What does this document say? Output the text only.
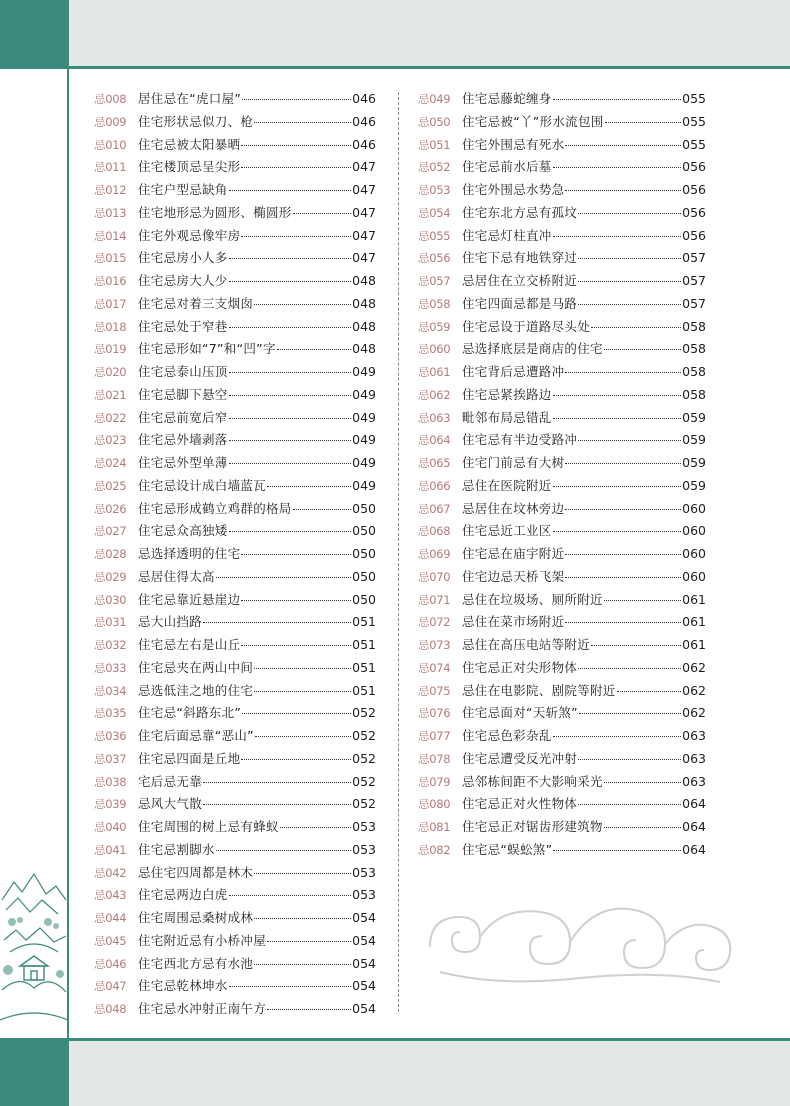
忌008 居住忌在“虎口屋”	046
忌009 住宅形状忌似刀、枪	046
忌010 住宅忌被太阳暴晒	046
忌011 住宅楼顶忌呈尖形	047
忌012 住宅户型忌缺角	047
忌013 住宅地形忌为圆形、椭圆形	047
忌014 住宅外观忌像牢房	047
忌015 住宅忌房小人多	047
忌016 住宅忌房大人少	048
忌017 住宅忌对着三支烟囱	048
忌018 住宅忌处于窄巷	048
忌019 住宅忌形如“7”和“凹”字	048
忌020 住宅忌泰山压顶	049
忌021 住宅忌脚下悬空	049
忌022 住宅忌前宽后窄	049
忌023 住宅忌外墙剥落	049
忌024 住宅忌外型单薄	049
忌025 住宅忌设计成白墙蓝瓦	049
忌026 住宅忌形成鹤立鸡群的格局	050
忌027 住宅忌众高独矮	050
忌028 忌选择透明的住宅	050
忌029 忌居住得太高	050
忌030 住宅忌靠近悬崖边	050
忌031 忌大山挡路	051
忌032 住宅忌左右是山丘	051
忌033 住宅忌夹在两山中间	051
忌034 忌选低洼之地的住宅	051
忌035 住宅忌“斜路东北”	052
忌036 住宅后面忌靠“恶山”	052
忌037 住宅忌四面是丘地	052
忌038 宅后忌无靠	052
忌039 忌风大气散	052
忌040 住宅周围的树上忌有蜂蚁	053
忌041 住宅忌割脚水	053
忌042 忌住宅四周都是林木	053
忌043 住宅忌两边白虎	053
忌044 住宅周围忌桑树成林	054
忌045 住宅附近忌有小桥冲屋	054
忌046 住宅西北方忌有水池	054
忌047 住宅忌乾林坤水	054
忌048 住宅忌水冲射正南午方	054
忌049 住宅忌藤蛇缠身	055
忌050 住宅忌被“丫”形水流包围	055
忌051 住宅外围忌有死水	055
忌052 住宅忌前水后墓	056
忌053 住宅外围忌水势急	056
忌054 住宅东北方忌有孤坟	056
忌055 住宅忌灯柱直冲	056
忌056 住宅下忌有地铁穿过	057
忌057 忌居住在立交桥附近	057
忌058 住宅四面忌都是马路	057
忌059 住宅忌设于道路尽头处	058
忌060 忌选择底层是商店的住宅	058
忌061 住宅背后忌遭路冲	058
忌062 住宅忌紧挨路边	058
忌063 毗邻布局忌错乱	059
忌064 住宅忌有半边受路冲	059
忌065 住宅门前忌有大树	059
忌066 忌住在医院附近	059
忌067 忌居住在坟林旁边	060
忌068 住宅忌近工业区	060
忌069 住宅忌在庙宇附近	060
忌070 住宅边忌天桥飞架	060
忌071 忌住在垃圾场、厕所附近	061
忌072 忌住在菜市场附近	061
忌073 忌住在高压电站等附近	061
忌074 住宅忌正对尖形物体	062
忌075 忌住在电影院、剧院等附近	062
忌076 住宅忌面对“天斩煞”	062
忌077 住宅忌色彩杂乱	063
忌078 住宅忌遭受反光冲射	063
忌079 忌邻栋间距不大影响采光	063
忌080 住宅忌正对火性物体	064
忌081 住宅忌正对锯齿形建筑物	064
忌082 住宅忌“蜈蚣煞”	064
